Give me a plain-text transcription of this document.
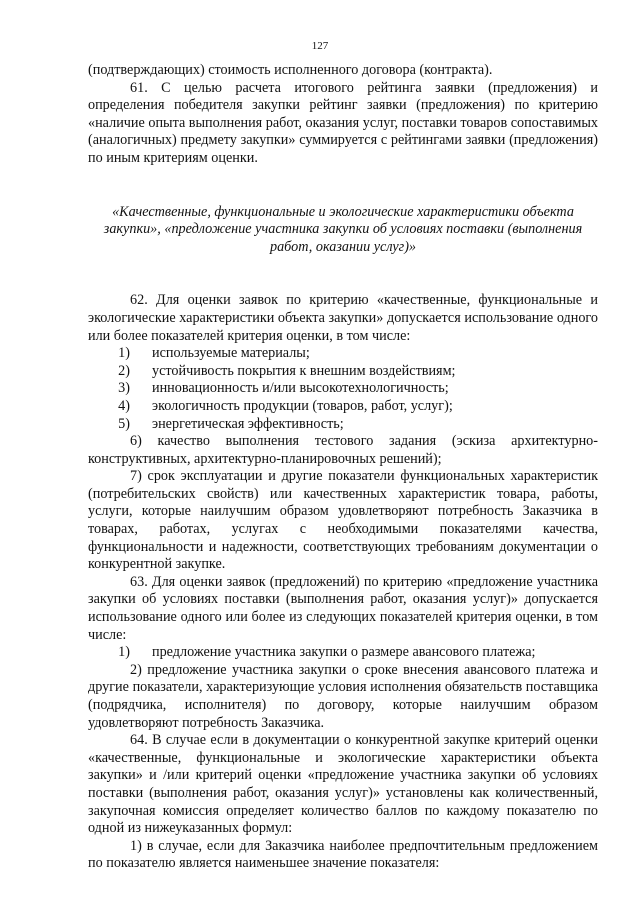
127

(подтверждающих) стоимость исполненного договора (контракта).

61. С целью расчета итогового рейтинга заявки (предложения) и определения победителя закупки рейтинг заявки (предложения) по критерию «наличие опыта выполнения работ, оказания услуг, поставки товаров сопоставимых (аналогичных) предмету закупки» суммируется с рейтингами заявки (предложения) по иным критериям оценки.

«Качественные, функциональные и экологические характеристики объекта закупки», «предложение участника закупки об условиях поставки (выполнения работ, оказании услуг)»

62. Для оценки заявок по критерию «качественные, функциональные и экологические характеристики объекта закупки» допускается использование одного или более показателей критерия оценки, в том числе:

1)	используемые материалы;
2)	устойчивость покрытия к внешним воздействиям;
3)	инновационность и/или высокотехнологичность;
4)	экологичность продукции (товаров, работ, услуг);
5)	энергетическая эффективность;

6) качество выполнения тестового задания (эскиза архитектурно-конструктивных, архитектурно-планировочных решений);

7) срок эксплуатации и другие показатели функциональных характеристик (потребительских свойств) или качественных характеристик товара, работы, услуги, которые наилучшим образом удовлетворяют потребность Заказчика в товарах, работах, услугах с необходимыми показателями качества, функциональности и надежности, соответствующих требованиям документации о конкурентной закупке.

63. Для оценки заявок (предложений) по критерию «предложение участника закупки об условиях поставки (выполнения работ, оказания услуг)» допускается использование одного или более из следующих показателей критерия оценки, в том числе:

1)	предложение участника закупки о размере авансового платежа;

2) предложение участника закупки о сроке внесения авансового платежа и другие показатели, характеризующие условия исполнения обязательств поставщика (подрядчика, исполнителя) по договору, которые наилучшим образом удовлетворяют потребность Заказчика.

64. В случае если в документации о конкурентной закупке критерий оценки «качественные, функциональные и экологические характеристики объекта закупки» и /или критерий оценки «предложение участника закупки об условиях поставки (выполнения работ, оказания услуг)» установлены как количественный, закупочная комиссия определяет количество баллов по каждому показателю по одной из нижеуказанных формул:

1) в случае, если для Заказчика наиболее предпочтительным предложением по показателю является наименьшее значение показателя:
